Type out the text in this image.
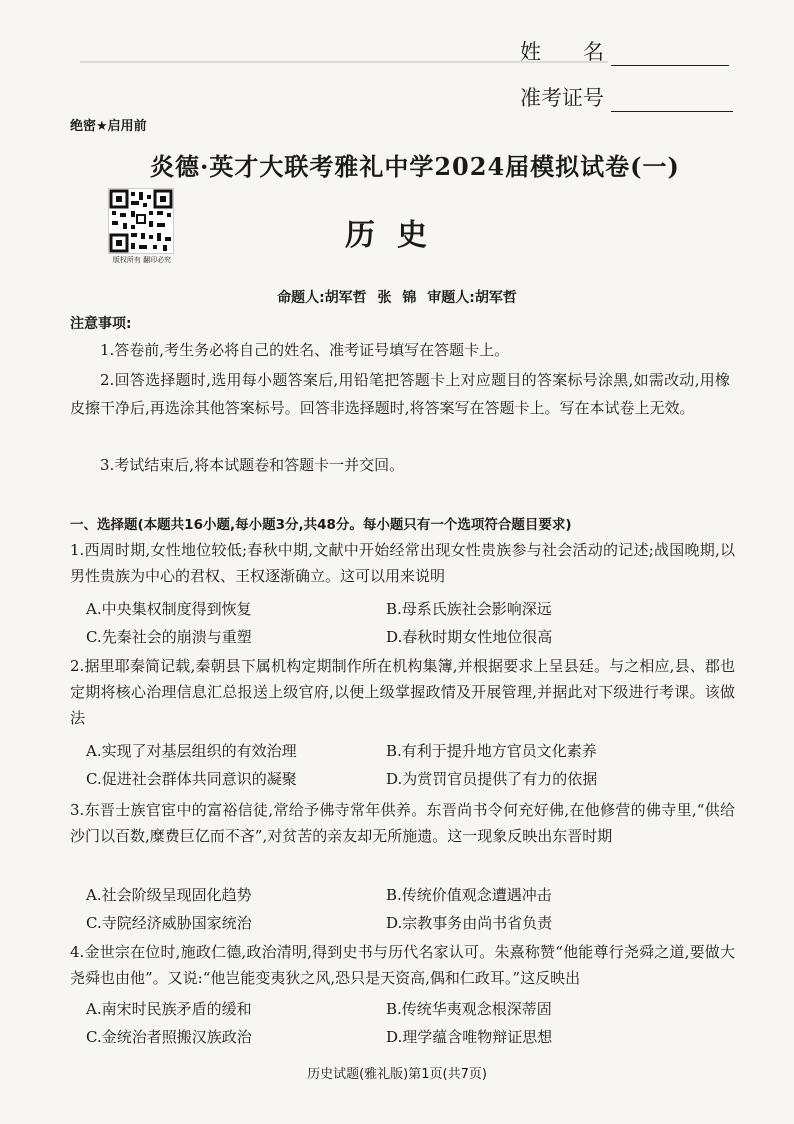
▔▔▔▔▔▔▔▔▔▔▔▔▔▔▔▔▔▔▔▔▔▔▔▔▔▔▔▔▔▔▔▔▔▔▔▔▔▔▔▔▔▔▔▔▔▔▔▔▔
姓　　名
准考证号
绝密★启用前
炎德·英才大联考雅礼中学2024届模拟试卷(一)
版权所有 翻印必究
历史
命题人:胡军哲 张 锦 审题人:胡军哲
注意事项:
1.答卷前,考生务必将自己的姓名、准考证号填写在答题卡上。
2.回答选择题时,选用每小题答案后,用铅笔把答题卡上对应题目的答案标号涂黑,如需改动,用橡皮擦干净后,再选涂其他答案标号。回答非选择题时,将答案写在答题卡上。写在本试卷上无效。
3.考试结束后,将本试题卷和答题卡一并交回。
一、选择题(本题共16小题,每小题3分,共48分。每小题只有一个选项符合题目要求)
1.西周时期,女性地位较低;春秋中期,文献中开始经常出现女性贵族参与社会活动的记述;战国晚期,以男性贵族为中心的君权、王权逐渐确立。这可以用来说明
A.中央集权制度得到恢复	B.母系氏族社会影响深远
C.先秦社会的崩溃与重塑	D.春秋时期女性地位很高
2.据里耶秦简记载,秦朝县下属机构定期制作所在机构集簿,并根据要求上呈县廷。与之相应,县、郡也定期将核心治理信息汇总报送上级官府,以便上级掌握政情及开展管理,并据此对下级进行考课。该做法
A.实现了对基层组织的有效治理	B.有利于提升地方官员文化素养
C.促进社会群体共同意识的凝聚	D.为赏罚官员提供了有力的依据
3.东晋士族官宦中的富裕信徒,常给予佛寺常年供养。东晋尚书令何充好佛,在他修营的佛寺里,“供给沙门以百数,糜费巨亿而不吝”,对贫苦的亲友却无所施遗。这一现象反映出东晋时期
A.社会阶级呈现固化趋势	B.传统价值观念遭遇冲击
C.寺院经济威胁国家统治	D.宗教事务由尚书省负责
4.金世宗在位时,施政仁德,政治清明,得到史书与历代名家认可。朱熹称赞“他能尊行尧舜之道,要做大尧舜也由他”。又说:“他岂能变夷狄之风,恐只是天资高,偶和仁政耳。”这反映出
A.南宋时民族矛盾的缓和	B.传统华夷观念根深蒂固
C.金统治者照搬汉族政治	D.理学蕴含唯物辩证思想
历史试题(雅礼版)第1页(共7页)
